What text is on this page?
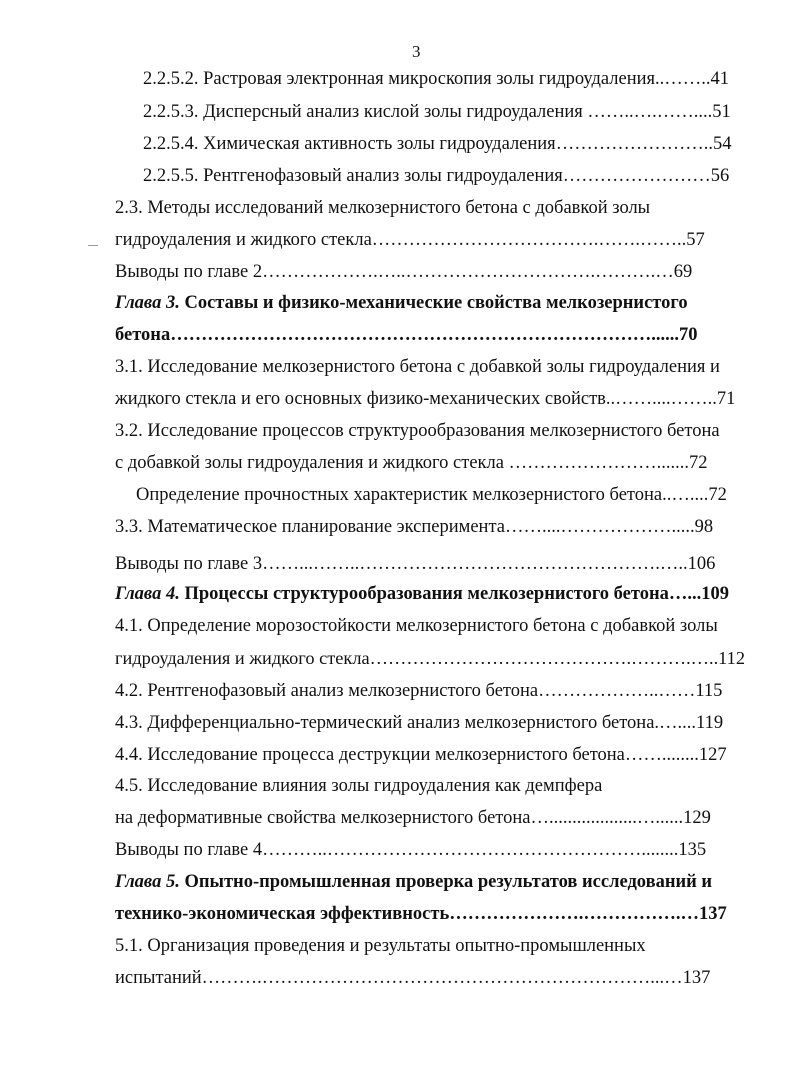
3
2.2.5.2. Растровая электронная микроскопия золы гидроудаления..……..41
2.2.5.3. Дисперсный анализ кислой золы гидроудаления ……..….……....51
2.2.5.4. Химическая активность золы гидроудаления……………………..54
2.2.5.5. Рентгенофазовый анализ золы гидроудаления……………………56
2.3. Методы исследований мелкозернистого бетона с добавкой золы
гидроудаления и жидкого стекла……………………………….…….……..57
Выводы по главе 2……………….…..………………………….……….…69
Глава 3. Составы и физико-механические свойства мелкозернистого
бетона……………………………………………………………………......70
3.1. Исследование мелкозернистого бетона с добавкой золы гидроудаления и
жидкого стекла и его основных физико-механических свойств..……....……..71
3.2. Исследование процессов структурообразования мелкозернистого бетона
с добавкой золы гидроудаления и жидкого стекла …………………….......72
Определение прочностных характеристик мелкозернистого бетона..…....72
3.3. Математическое планирование эксперимента……....……………….....98
Выводы по главе 3……...……..………………………………………….…..106
Глава 4. Процессы структурообразования мелкозернистого бетона…...109
4.1. Определение морозостойкости мелкозернистого бетона с добавкой золы
гидроудаления и жидкого стекла…………………………………….……….…..112
4.2. Рентгенофазовый анализ мелкозернистого бетона………………..……115
4.3. Дифференциально-термический анализ мелкозернистого бетона.…....119
4.4. Исследование процесса деструкции мелкозернистого бетона……........127
4.5. Исследование влияния золы гидроудаления как демпфера
на деформативные свойства мелкозернистого бетона…...................…......129
Выводы по главе 4………..……………………………………………........135
Глава 5. Опытно-промышленная проверка результатов исследований и
технико-экономическая эффективность………………….…………….…137
5.1. Организация проведения и результаты опытно-промышленных
испытаний……….………………………………………………………...…137
